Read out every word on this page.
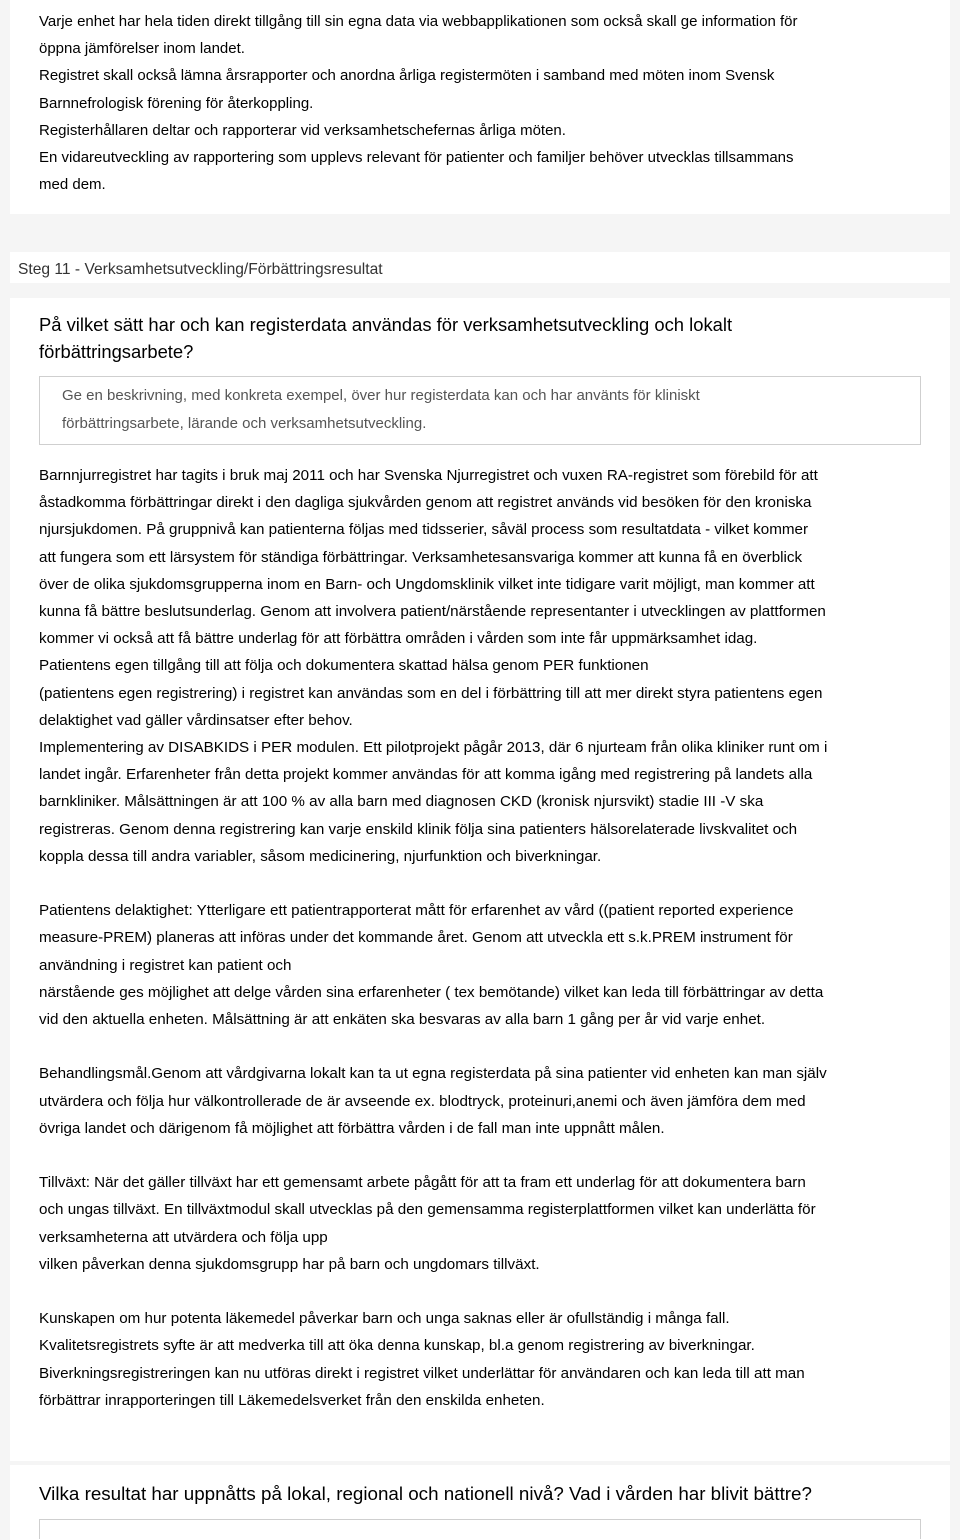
Varje enhet har hela tiden direkt tillgång till sin egna data via webbapplikationen som också skall ge information för
öppna jämförelser inom landet.
Registret skall också lämna årsrapporter och anordna årliga registermöten i samband med möten inom Svensk
Barnnefrologisk förening för återkoppling.
Registerhållaren deltar och rapporterar vid verksamhetschefernas årliga möten.
En vidareutveckling av rapportering som upplevs relevant för patienter och familjer behöver utvecklas tillsammans
med dem.

Steg 11 - Verksamhetsutveckling/Förbättringsresultat

På vilket sätt har och kan registerdata användas för verksamhetsutveckling och lokalt
förbättringsarbete?

Ge en beskrivning, med konkreta exempel, över hur registerdata kan och har använts för kliniskt
förbättringsarbete, lärande och verksamhetsutveckling.

Barnnjurregistret har tagits i bruk maj 2011 och har Svenska Njurregistret och vuxen RA-registret som förebild för att
åstadkomma förbättringar direkt i den dagliga sjukvården genom att registret används vid besöken för den kroniska
njursjukdomen. På gruppnivå kan patienterna följas med tidsserier, såväl process som resultatdata - vilket kommer
att fungera som ett lärsystem för ständiga förbättringar. Verksamhetesansvariga kommer att kunna få en överblick
över de olika sjukdomsgrupperna inom en Barn- och Ungdomsklinik vilket inte tidigare varit möjligt, man kommer att
kunna få bättre beslutsunderlag. Genom att involvera patient/närstående representanter i utvecklingen av plattformen
kommer vi också att få bättre underlag för att förbättra områden i vården som inte får uppmärksamhet idag.
Patientens egen tillgång till att följa och dokumentera skattad hälsa genom PER funktionen
(patientens egen registrering) i registret kan användas som en del i förbättring till att mer direkt styra patientens egen
delaktighet vad gäller vårdinsatser efter behov.
Implementering av DISABKIDS i PER modulen. Ett pilotprojekt pågår 2013, där 6 njurteam från olika kliniker runt om i
landet ingår. Erfarenheter från detta projekt kommer användas för att komma igång med registrering på landets alla
barnkliniker. Målsättningen är att 100 % av alla barn med diagnosen CKD (kronisk njursvikt) stadie III -V ska
registreras. Genom denna registrering kan varje enskild klinik följa sina patienters hälsorelaterade livskvalitet och
koppla dessa till andra variabler, såsom medicinering, njurfunktion och biverkningar.

Patientens delaktighet: Ytterligare ett patientrapporterat mått för erfarenhet av vård ((patient reported experience
measure-PREM) planeras att införas under det kommande året. Genom att utveckla ett s.k.PREM instrument för
användning i registret kan patient och
närstående ges möjlighet att delge vården sina erfarenheter ( tex bemötande) vilket kan leda till förbättringar av detta
vid den aktuella enheten. Målsättning är att enkäten ska besvaras av alla barn 1 gång per år vid varje enhet.

Behandlingsmål.Genom att vårdgivarna lokalt kan ta ut egna registerdata på sina patienter vid enheten kan man själv
utvärdera och följa hur välkontrollerade de är avseende ex. blodtryck, proteinuri,anemi och även jämföra dem med
övriga landet och därigenom få möjlighet att förbättra vården i de fall man inte uppnått målen.

Tillväxt: När det gäller tillväxt har ett gemensamt arbete pågått för att ta fram ett underlag för att dokumentera barn
och ungas tillväxt. En tillväxtmodul skall utvecklas på den gemensamma registerplattformen vilket kan underlätta för
verksamheterna att utvärdera och följa upp
vilken påverkan denna sjukdomsgrupp har på barn och ungdomars tillväxt.

Kunskapen om hur potenta läkemedel påverkar barn och unga saknas eller är ofullständig i många fall.
Kvalitetsregistrets syfte är att medverka till att öka denna kunskap, bl.a genom registrering av biverkningar.
Biverkningsregistreringen kan nu utföras direkt i registret vilket underlättar för användaren och kan leda till att man
förbättrar inrapporteringen till Läkemedelsverket från den enskilda enheten.

Vilka resultat har uppnåtts på lokal, regional och nationell nivå? Vad i vården har blivit bättre?
